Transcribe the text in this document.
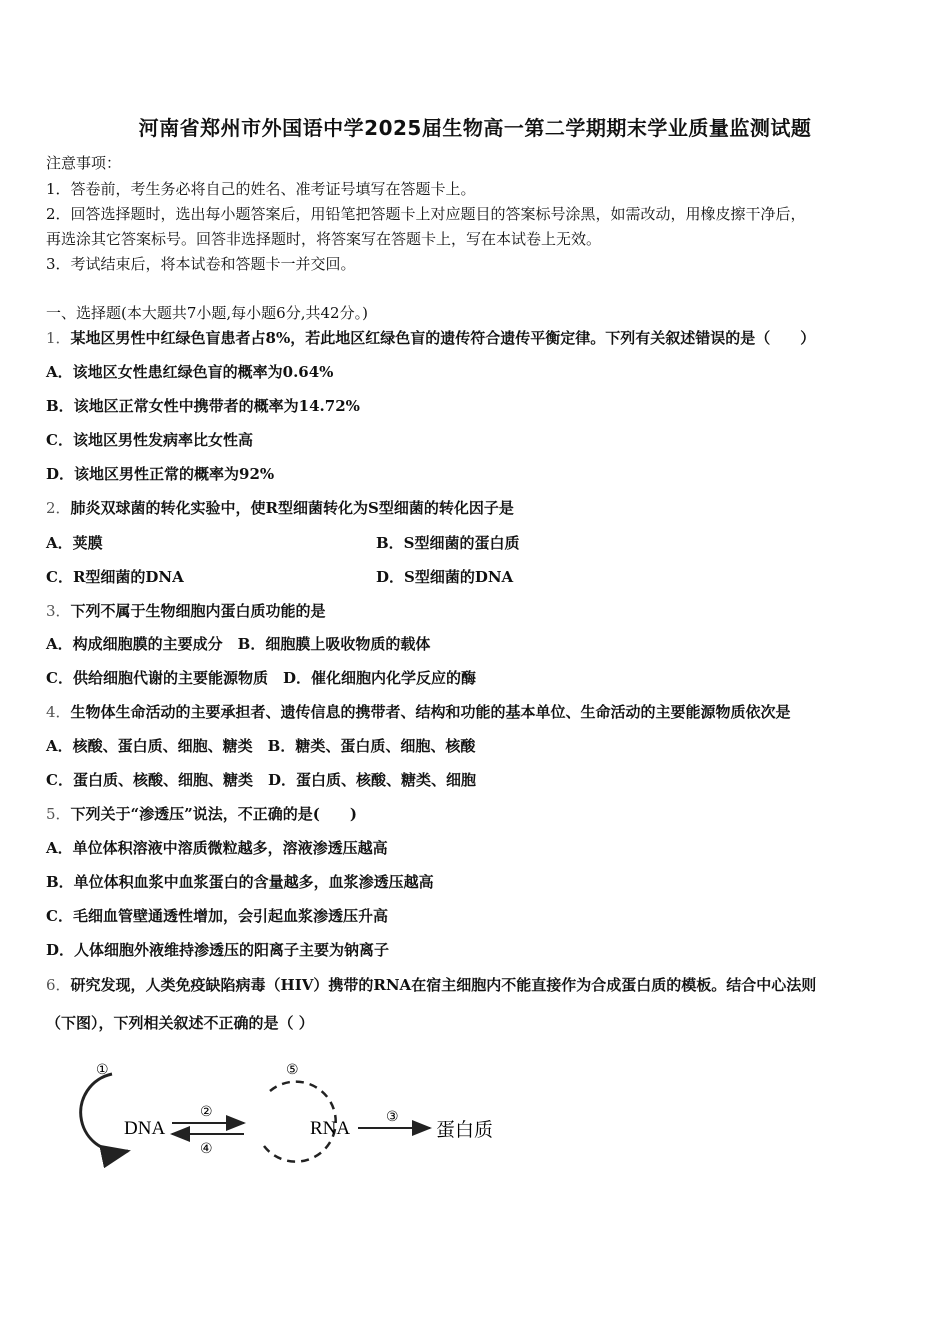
河南省郑州市外国语中学2025届生物高一第二学期期末学业质量监测试题
注意事项：
1．答卷前，考生务必将自己的姓名、准考证号填写在答题卡上。
2．回答选择题时，选出每小题答案后，用铅笔把答题卡上对应题目的答案标号涂黑，如需改动，用橡皮擦干净后，
再选涂其它答案标号。回答非选择题时，将答案写在答题卡上，写在本试卷上无效。
3．考试结束后，将本试卷和答题卡一并交回。
一、选择题(本大题共7小题,每小题6分,共42分。)
1．某地区男性中红绿色盲患者占8%，若此地区红绿色盲的遗传符合遗传平衡定律。下列有关叙述错误的是（　　）
A．该地区女性患红绿色盲的概率为0.64%
B．该地区正常女性中携带者的概率为14.72%
C．该地区男性发病率比女性高
D．该地区男性正常的概率为92%
2．肺炎双球菌的转化实验中，使R型细菌转化为S型细菌的转化因子是
A．荚膜	B．S型细菌的蛋白质
C．R型细菌的DNA	D．S型细菌的DNA
3．下列不属于生物细胞内蛋白质功能的是
A．构成细胞膜的主要成分　B．细胞膜上吸收物质的载体
C．供给细胞代谢的主要能源物质　D．催化细胞内化学反应的酶
4．生物体生命活动的主要承担者、遗传信息的携带者、结构和功能的基本单位、生命活动的主要能源物质依次是
A．核酸、蛋白质、细胞、糖类　B．糖类、蛋白质、细胞、核酸
C．蛋白质、核酸、细胞、糖类　D．蛋白质、核酸、糖类、细胞
5．下列关于“渗透压”说法，不正确的是(　　)
A．单位体积溶液中溶质微粒越多，溶液渗透压越高
B．单位体积血浆中血浆蛋白的含量越多，血浆渗透压越高
C．毛细血管壁通透性增加，会引起血浆渗透压升高
D．人体细胞外液维持渗透压的阳离子主要为钠离子
6．研究发现，人类免疫缺陷病毒（HIV）携带的RNA在宿主细胞内不能直接作为合成蛋白质的模板。结合中心法则
（下图），下列相关叙述不正确的是（ ）
①
DNA
②
④
⑤
RNA
③
蛋白质
